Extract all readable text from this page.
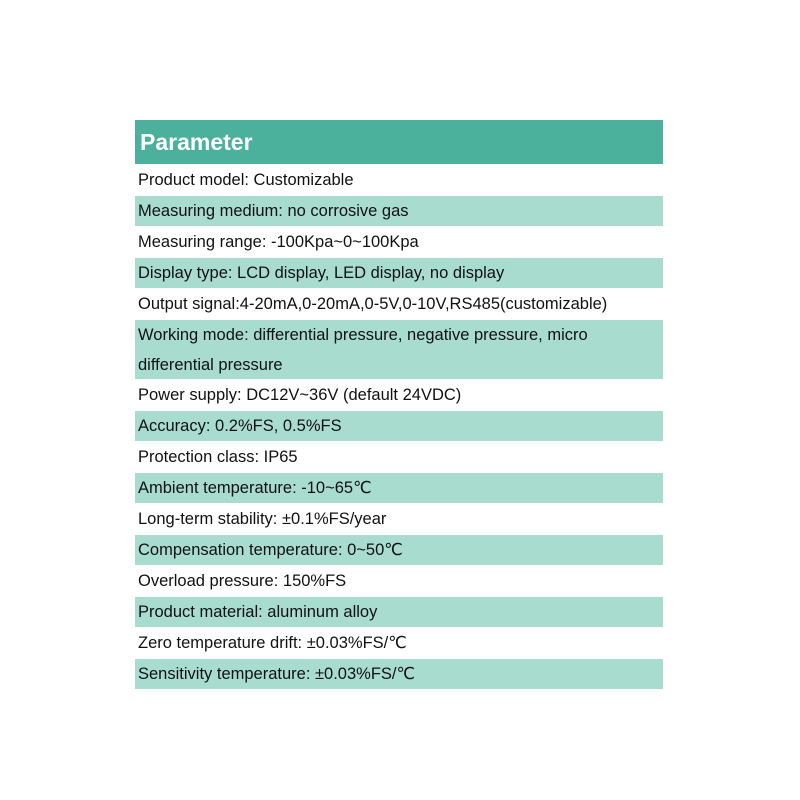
Parameter
Product model: Customizable
Measuring medium: no corrosive gas
Measuring range: -100Kpa~0~100Kpa
Display type: LCD display, LED display, no display
Output signal:4-20mA,0-20mA,0-5V,0-10V,RS485(customizable)
Working mode: differential pressure, negative pressure, micro differential pressure
Power supply: DC12V~36V (default 24VDC)
Accuracy: 0.2%FS, 0.5%FS
Protection class: IP65
Ambient temperature: -10~65℃
Long-term stability: ±0.1%FS/year
Compensation temperature: 0~50℃
Overload pressure: 150%FS
Product material: aluminum alloy
Zero temperature drift: ±0.03%FS/℃
Sensitivity temperature: ±0.03%FS/℃
